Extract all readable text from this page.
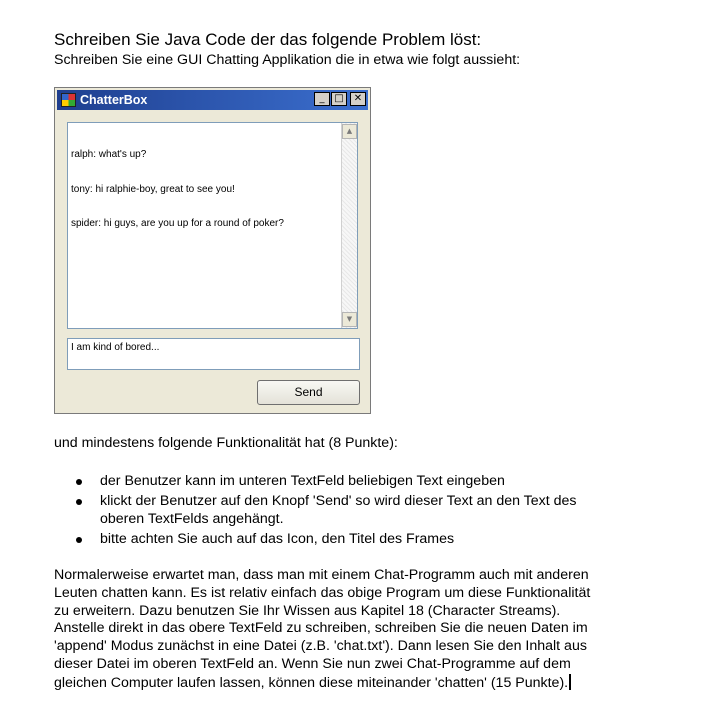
Schreiben Sie Java Code der das folgende Problem löst:
Schreiben Sie eine GUI Chatting Applikation die in etwa wie folgt aussieht:
ChatterBox	_ □	✕

ralph: what's up?

tony: hi ralphie-boy, great to see you!

spider: hi guys, are you up for a round of poker?

▲
▼
I am kind of bored...
Send
und mindestens folgende Funktionalität hat (8 Punkte):
der Benutzer kann im unteren TextFeld beliebigen Text eingeben
klickt der Benutzer auf den Knopf 'Send' so wird dieser Text an den Text des
oberen TextFelds angehängt.
bitte achten Sie auch auf das Icon, den Titel des Frames
Normalerweise erwartet man, dass man mit einem Chat-Programm auch mit anderen
Leuten chatten kann. Es ist relativ einfach das obige Program um diese Funktionalität
zu erweitern. Dazu benutzen Sie Ihr Wissen aus Kapitel 18 (Character Streams).
Anstelle direkt in das obere TextFeld zu schreiben, schreiben Sie die neuen Daten im
'append' Modus zunächst in eine Datei (z.B. 'chat.txt'). Dann lesen Sie den Inhalt aus
dieser Datei im oberen TextFeld an. Wenn Sie nun zwei Chat-Programme auf dem
gleichen Computer laufen lassen, können diese miteinander 'chatten' (15 Punkte).
